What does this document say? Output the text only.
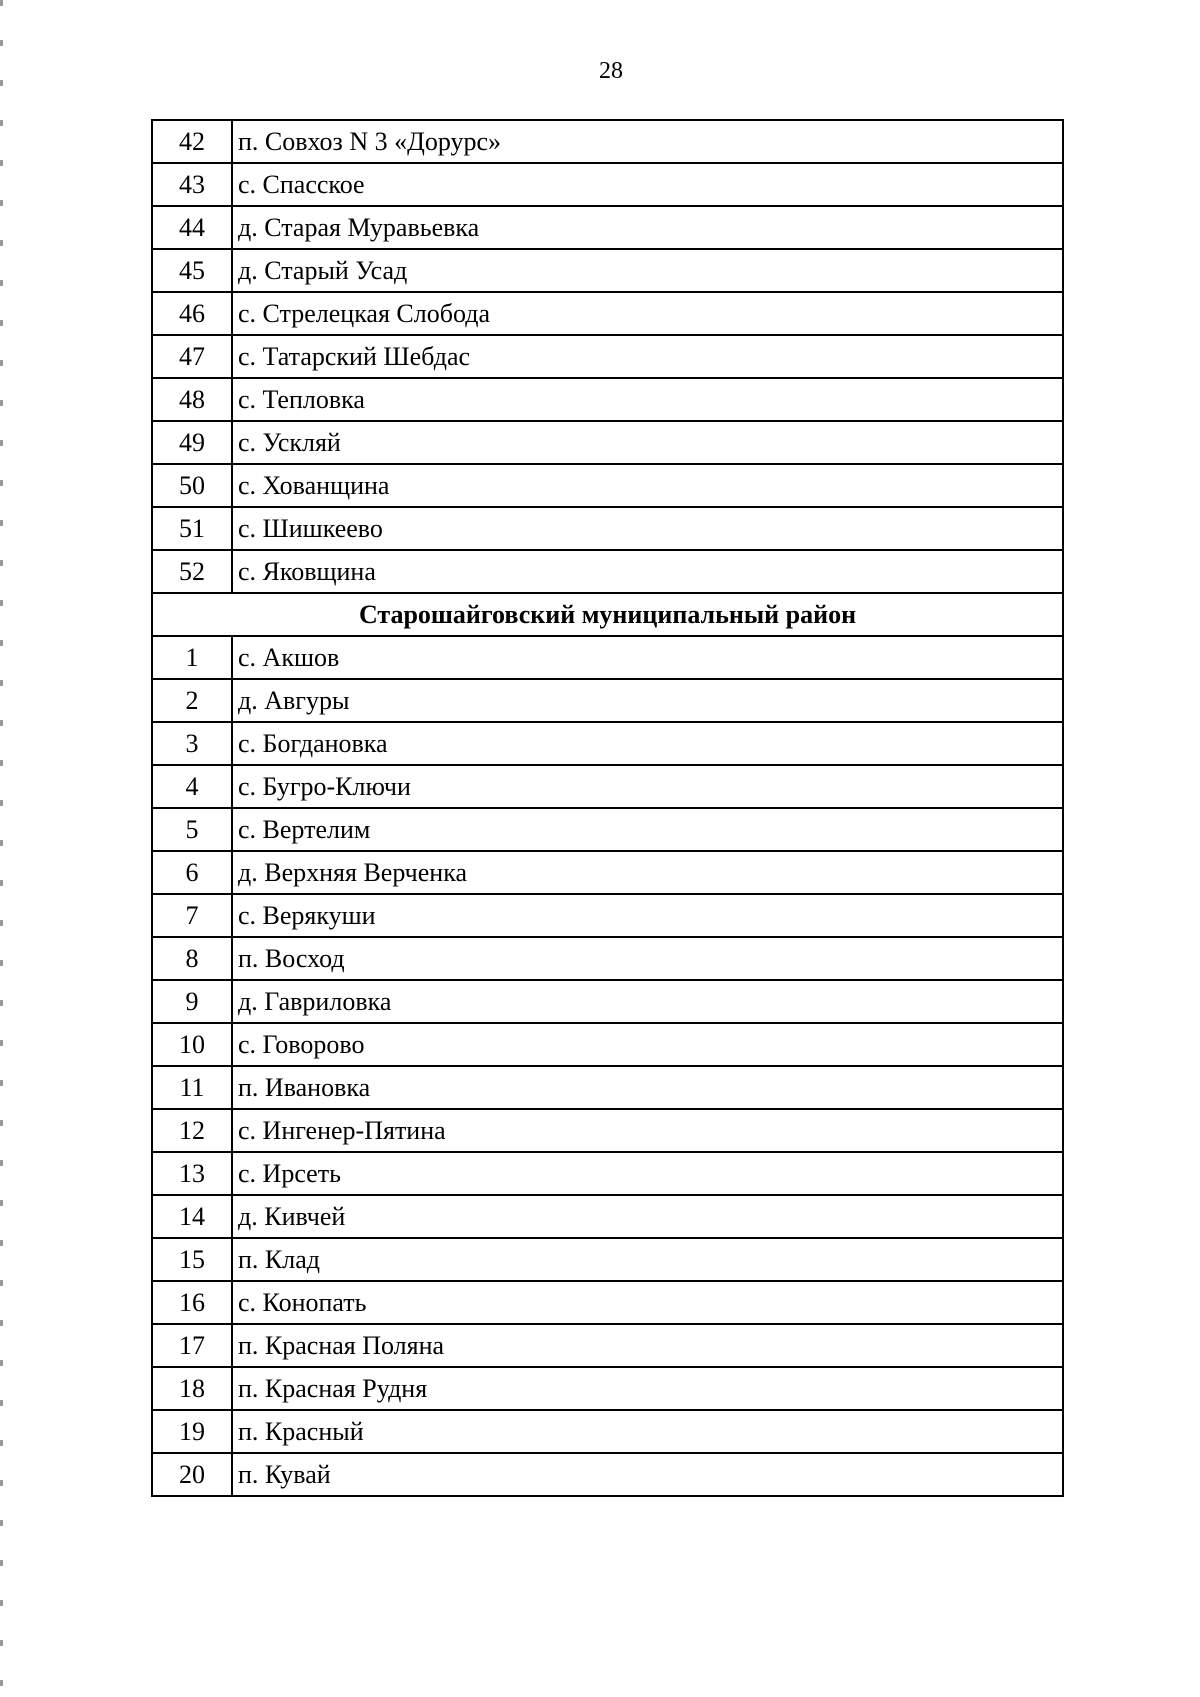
28
42	п. Совхоз N 3 «Дорурс»
43	с. Спасское
44	д. Старая Муравьевка
45	д. Старый Усад
46	с. Стрелецкая Слобода
47	с. Татарский Шебдас
48	с. Тепловка
49	с. Ускляй
50	с. Хованщина
51	с. Шишкеево
52	с. Яковщина
Старошайговский муниципальный район	
1	с. Акшов
2	д. Авгуры
3	с. Богдановка
4	с. Бугро-Ключи
5	с. Вертелим
6	д. Верхняя Верченка
7	с. Верякуши
8	п. Восход
9	д. Гавриловка
10	с. Говорово
11	п. Ивановка
12	с. Ингенер-Пятина
13	с. Ирсеть
14	д. Кивчей
15	п. Клад
16	с. Конопать
17	п. Красная Поляна
18	п. Красная Рудня
19	п. Красный
20	п. Кувай
